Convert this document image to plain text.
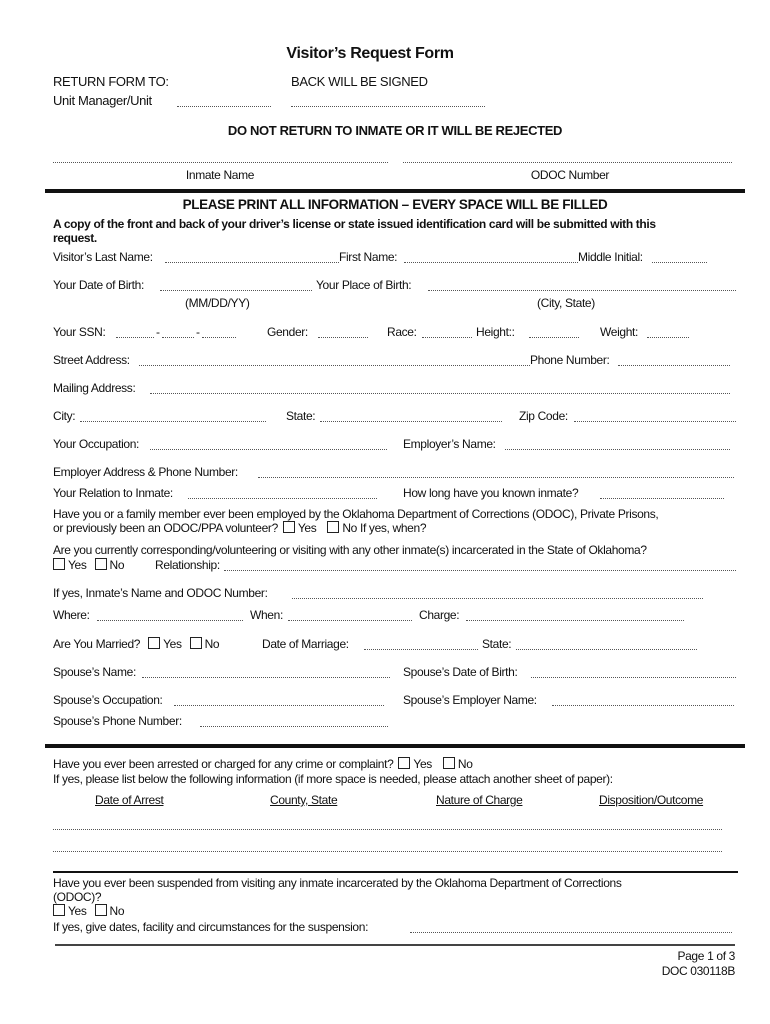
Visitor’s Request Form
RETURN FORM TO:	BACK WILL BE SIGNED
Unit Manager/Unit
DO NOT RETURN TO INMATE OR IT WILL BE REJECTED
Inmate Name	ODOC Number
PLEASE PRINT ALL INFORMATION – EVERY SPACE WILL BE FILLED
A copy of the front and back of your driver’s license or state issued identification card will be submitted with this
request.
Visitor’s Last Name:	First Name:	Middle Initial:
Your Date of Birth:	Your Place of Birth:
(MM/DD/YY)	(City, State)
Your SSN:	-	-	Gender:	Race:	Height::	Weight:
Street Address:	Phone Number:
Mailing Address:
City:	State:	Zip Code:
Your Occupation:	Employer’s Name:
Employer Address & Phone Number:
Your Relation to Inmate:	How long have you known inmate?
Have you or a family member ever been employed by the Oklahoma Department of Corrections (ODOC), Private Prisons,
or previously been an ODOC/PPA volunteer? Yes No If yes, when?
Are you currently corresponding/volunteering or visiting with any other inmate(s) incarcerated in the State of Oklahoma?
Yes No	Relationship:
If yes, Inmate’s Name and ODOC Number:
Where:	When:	Charge:
Are You Married? Yes No	Date of Marriage:	State:
Spouse’s Name:	Spouse’s Date of Birth:
Spouse’s Occupation:	Spouse’s Employer Name:
Spouse’s Phone Number:
Have you ever been arrested or charged for any crime or complaint? Yes No
If yes, please list below the following information (if more space is needed, please attach another sheet of paper):
Date of Arrest	County, State	Nature of Charge	Disposition/Outcome
Have you ever been suspended from visiting any inmate incarcerated by the Oklahoma Department of Corrections
(ODOC)?
Yes No
If yes, give dates, facility and circumstances for the suspension:
Page 1 of 3
DOC 030118B
